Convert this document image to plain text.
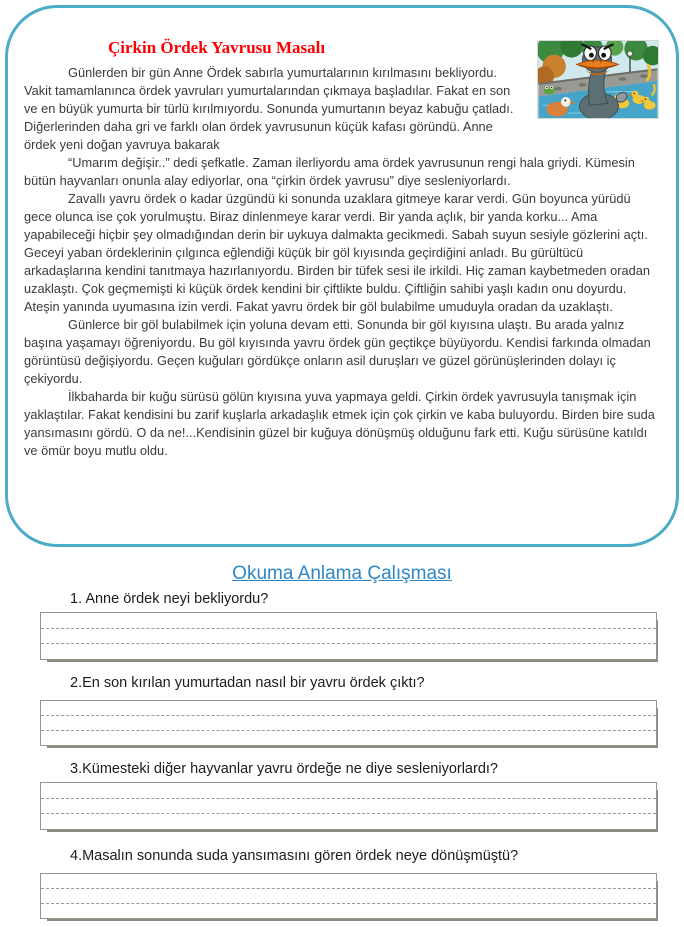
Çirkin Ördek Yavrusu Masalı

Günlerden bir gün Anne Ördek sabırla yumurtalarının kırılmasını bekliyordu. Vakit tamamlanınca ördek yavruları yumurtalarından çıkmaya başladılar. Fakat en son ve en büyük yumurta bir türlü kırılmıyordu. Sonunda yumurtanın beyaz kabuğu çatladı. Diğerlerinden daha gri ve farklı olan ördek yavrusunun küçük kafası göründü. Anne ördek yeni doğan yavruya bakarak

“Umarım değişir..” dedi şefkatle. Zaman ilerliyordu ama ördek yavrusunun rengi hala griydi. Kümesin bütün hayvanları onunla alay ediyorlar, ona “çirkin ördek yavrusu” diye sesleniyorlardı.

Zavallı yavru ördek o kadar üzgündü ki sonunda uzaklara gitmeye karar verdi. Gün boyunca yürüdü gece olunca ise çok yorulmuştu. Biraz dinlenmeye karar verdi. Bir yanda açlık, bir yanda korku... Ama yapabileceği hiçbir şey olmadığından derin bir uykuya dalmakta gecikmedi. Sabah suyun sesiyle gözlerini açtı. Geceyi yaban ördeklerinin çılgınca eğlendiği küçük bir göl kıyısında geçirdiğini anladı. Bu gürültücü arkadaşlarına kendini tanıtmaya hazırlanıyordu. Birden bir tüfek sesi ile irkildi. Hiç zaman kaybetmeden oradan uzaklaştı. Çok geçmemişti ki küçük ördek kendini bir çiftlikte buldu. Çiftliğin sahibi yaşlı kadın onu doyurdu. Ateşin yanında uyumasına izin verdi. Fakat yavru ördek bir göl bulabilme umuduyla oradan da uzaklaştı.

Günlerce bir göl bulabilmek için yoluna devam etti. Sonunda bir göl kıyısına ulaştı. Bu arada yalnız başına yaşamayı öğreniyordu. Bu göl kıyısında yavru ördek gün geçtikçe büyüyordu. Kendisi farkında olmadan görüntüsü değişiyordu. Geçen kuğuları gördükçe onların asil duruşları ve güzel görünüşlerinden dolayı iç çekiyordu.

İlkbaharda bir kuğu sürüsü gölün kıyısına yuva yapmaya geldi. Çirkin ördek yavrusuyla tanışmak için yaklaştılar. Fakat kendisini bu zarif kuşlarla arkadaşlık etmek için çok çirkin ve kaba buluyordu. Birden bire suda yansımasını gördü. O da ne!...Kendisinin güzel bir kuğuya dönüşmüş olduğunu fark etti. Kuğu sürüsüne katıldı ve ömür boyu mutlu oldu.

Okuma Anlama Çalışması
1. Anne ördek neyi bekliyordu?
2.En son kırılan yumurtadan nasıl bir yavru ördek çıktı?
3.Kümesteki diğer hayvanlar yavru ördeğe ne diye sesleniyorlardı?
4.Masalın sonunda suda yansımasını gören ördek neye dönüşmüştü?
